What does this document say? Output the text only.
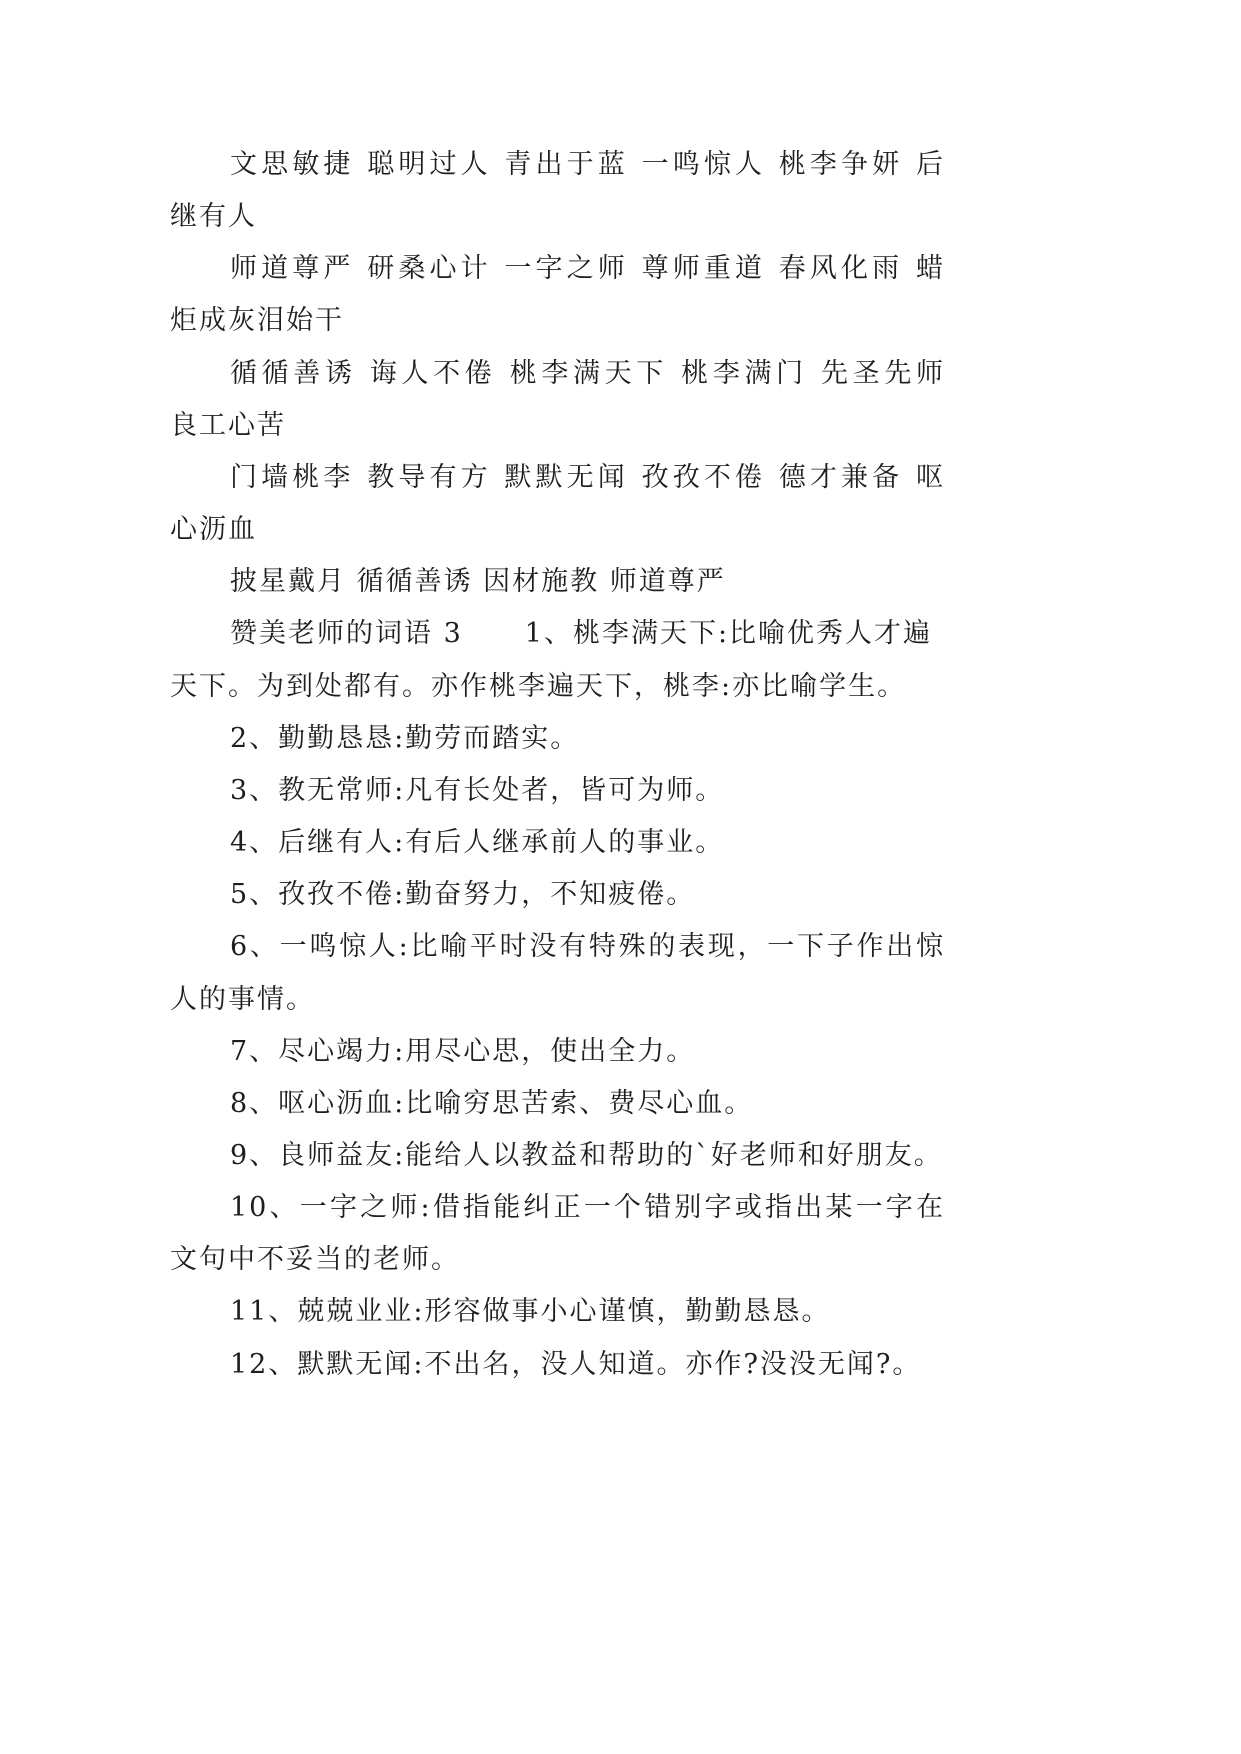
文思敏捷 聪明过人 青出于蓝 一鸣惊人 桃李争妍 后
继有人
师道尊严 研桑心计 一字之师 尊师重道 春风化雨 蜡
炬成灰泪始干
循循善诱 诲人不倦 桃李满天下 桃李满门 先圣先师
良工心苦
门墙桃李 教导有方 默默无闻 孜孜不倦 德才兼备 呕
心沥血
披星戴月 循循善诱 因材施教 师道尊严
赞美老师的词语 3 1、桃李满天下:比喻优秀人才遍
天下。为到处都有。亦作桃李遍天下，桃李:亦比喻学生。
2、勤勤恳恳:勤劳而踏实。
3、教无常师:凡有长处者，皆可为师。
4、后继有人:有后人继承前人的事业。
5、孜孜不倦:勤奋努力，不知疲倦。
6、一鸣惊人:比喻平时没有特殊的表现，一下子作出惊
人的事情。
7、尽心竭力:用尽心思，使出全力。
8、呕心沥血:比喻穷思苦索、费尽心血。
9、良师益友:能给人以教益和帮助的`好老师和好朋友。
10、一字之师:借指能纠正一个错别字或指出某一字在
文句中不妥当的老师。
11、兢兢业业:形容做事小心谨慎，勤勤恳恳。
12、默默无闻:不出名，没人知道。亦作?没没无闻?。
